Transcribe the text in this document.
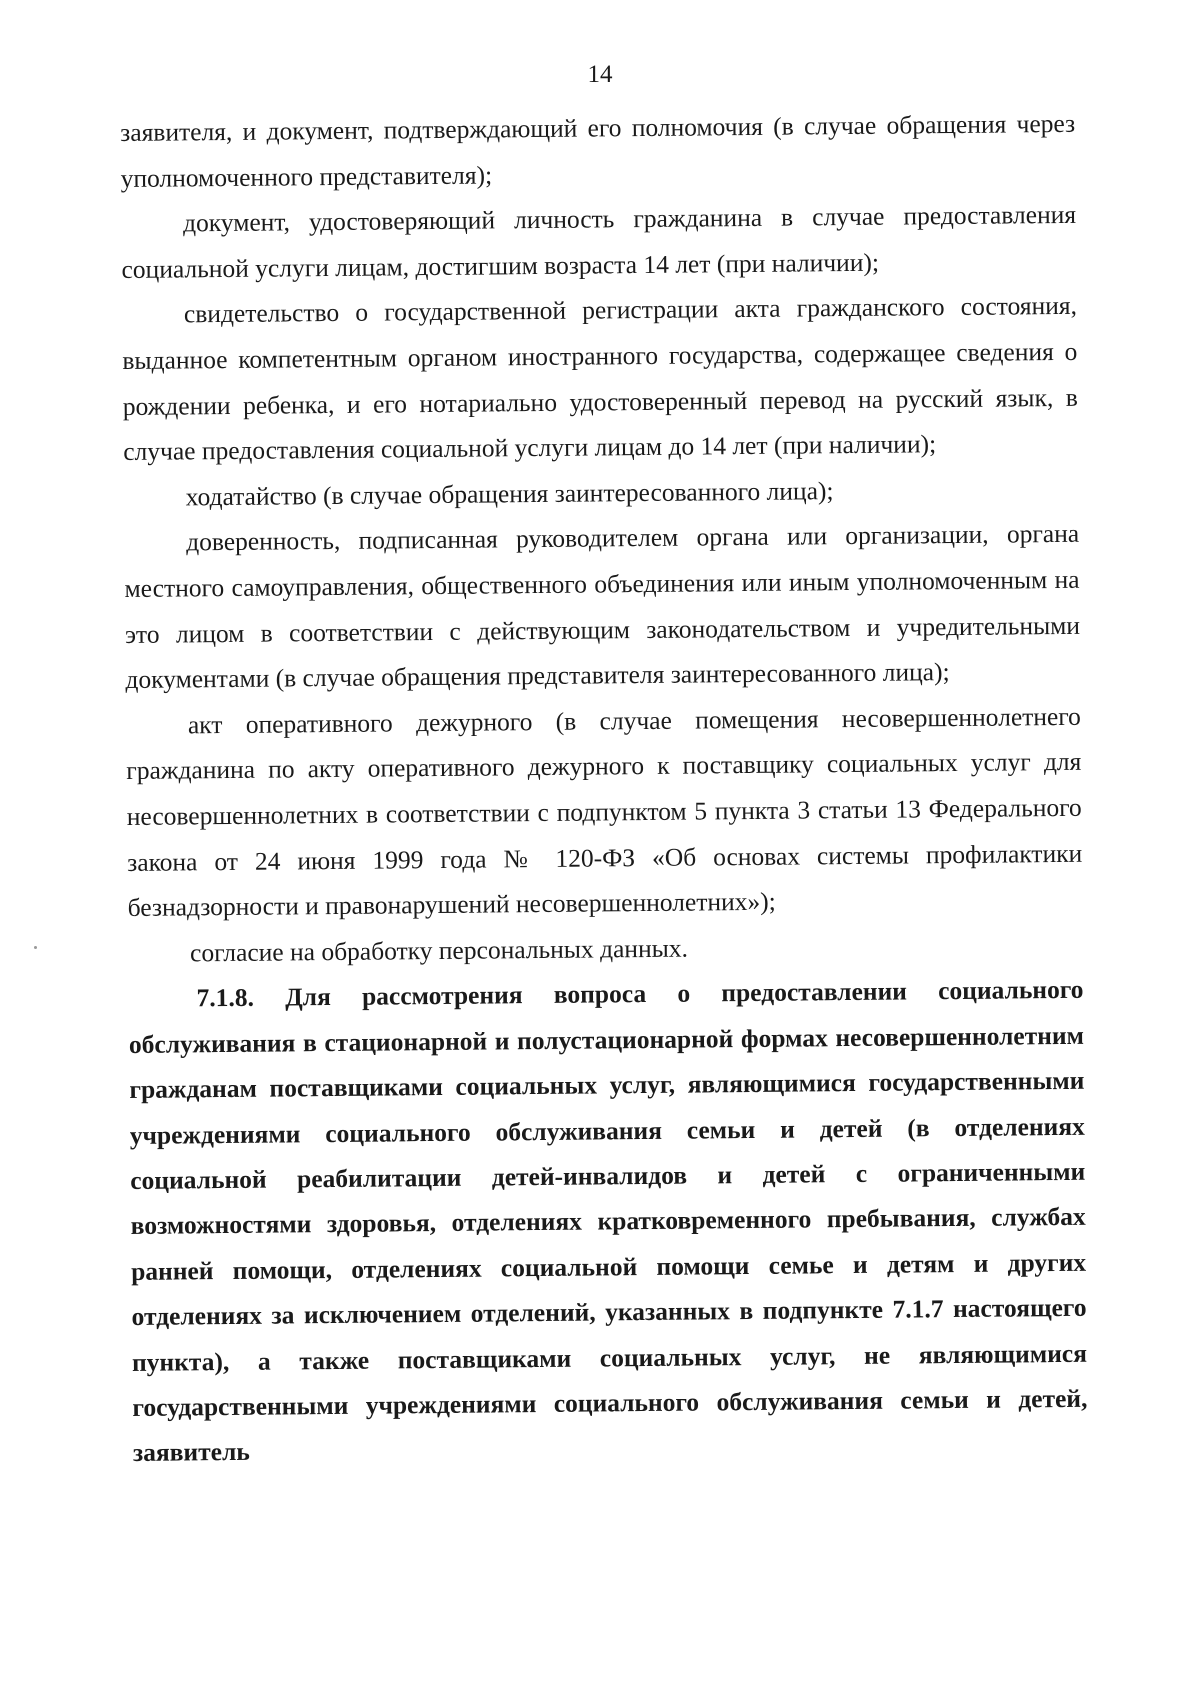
14

заявителя, и документ, подтверждающий его полномочия (в случае обращения через уполномоченного представителя);

документ, удостоверяющий личность гражданина в случае предоставления социальной услуги лицам, достигшим возраста 14 лет (при наличии);

свидетельство о государственной регистрации акта гражданского состояния, выданное компетентным органом иностранного государства, содержащее сведения о рождении ребенка, и его нотариально удостоверенный перевод на русский язык, в случае предоставления социальной услуги лицам до 14 лет (при наличии);

ходатайство (в случае обращения заинтересованного лица);

доверенность, подписанная руководителем органа или организации, органа местного самоуправления, общественного объединения или иным уполномоченным на это лицом в соответствии с действующим законодательством и учредительными документами (в случае обращения представителя заинтересованного лица);

акт оперативного дежурного (в случае помещения несовершеннолетнего гражданина по акту оперативного дежурного к поставщику социальных услуг для несовершеннолетних в соответствии с подпунктом 5 пункта 3 статьи 13 Федерального закона от 24 июня 1999 года № 120-ФЗ «Об основах системы профилактики безнадзорности и правонарушений несовершеннолетних»);

согласие на обработку персональных данных.

7.1.8. Для рассмотрения вопроса о предоставлении социального обслуживания в стационарной и полустационарной формах несовершеннолетним гражданам поставщиками социальных услуг, являющимися государственными учреждениями социального обслуживания семьи и детей (в отделениях социальной реабилитации детей-инвалидов и детей с ограниченными возможностями здоровья, отделениях кратковременного пребывания, службах ранней помощи, отделениях социальной помощи семье и детям и других отделениях за исключением отделений, указанных в подпункте 7.1.7 настоящего пункта), а также поставщиками социальных услуг, не являющимися государственными учреждениями социального обслуживания семьи и детей, заявитель
